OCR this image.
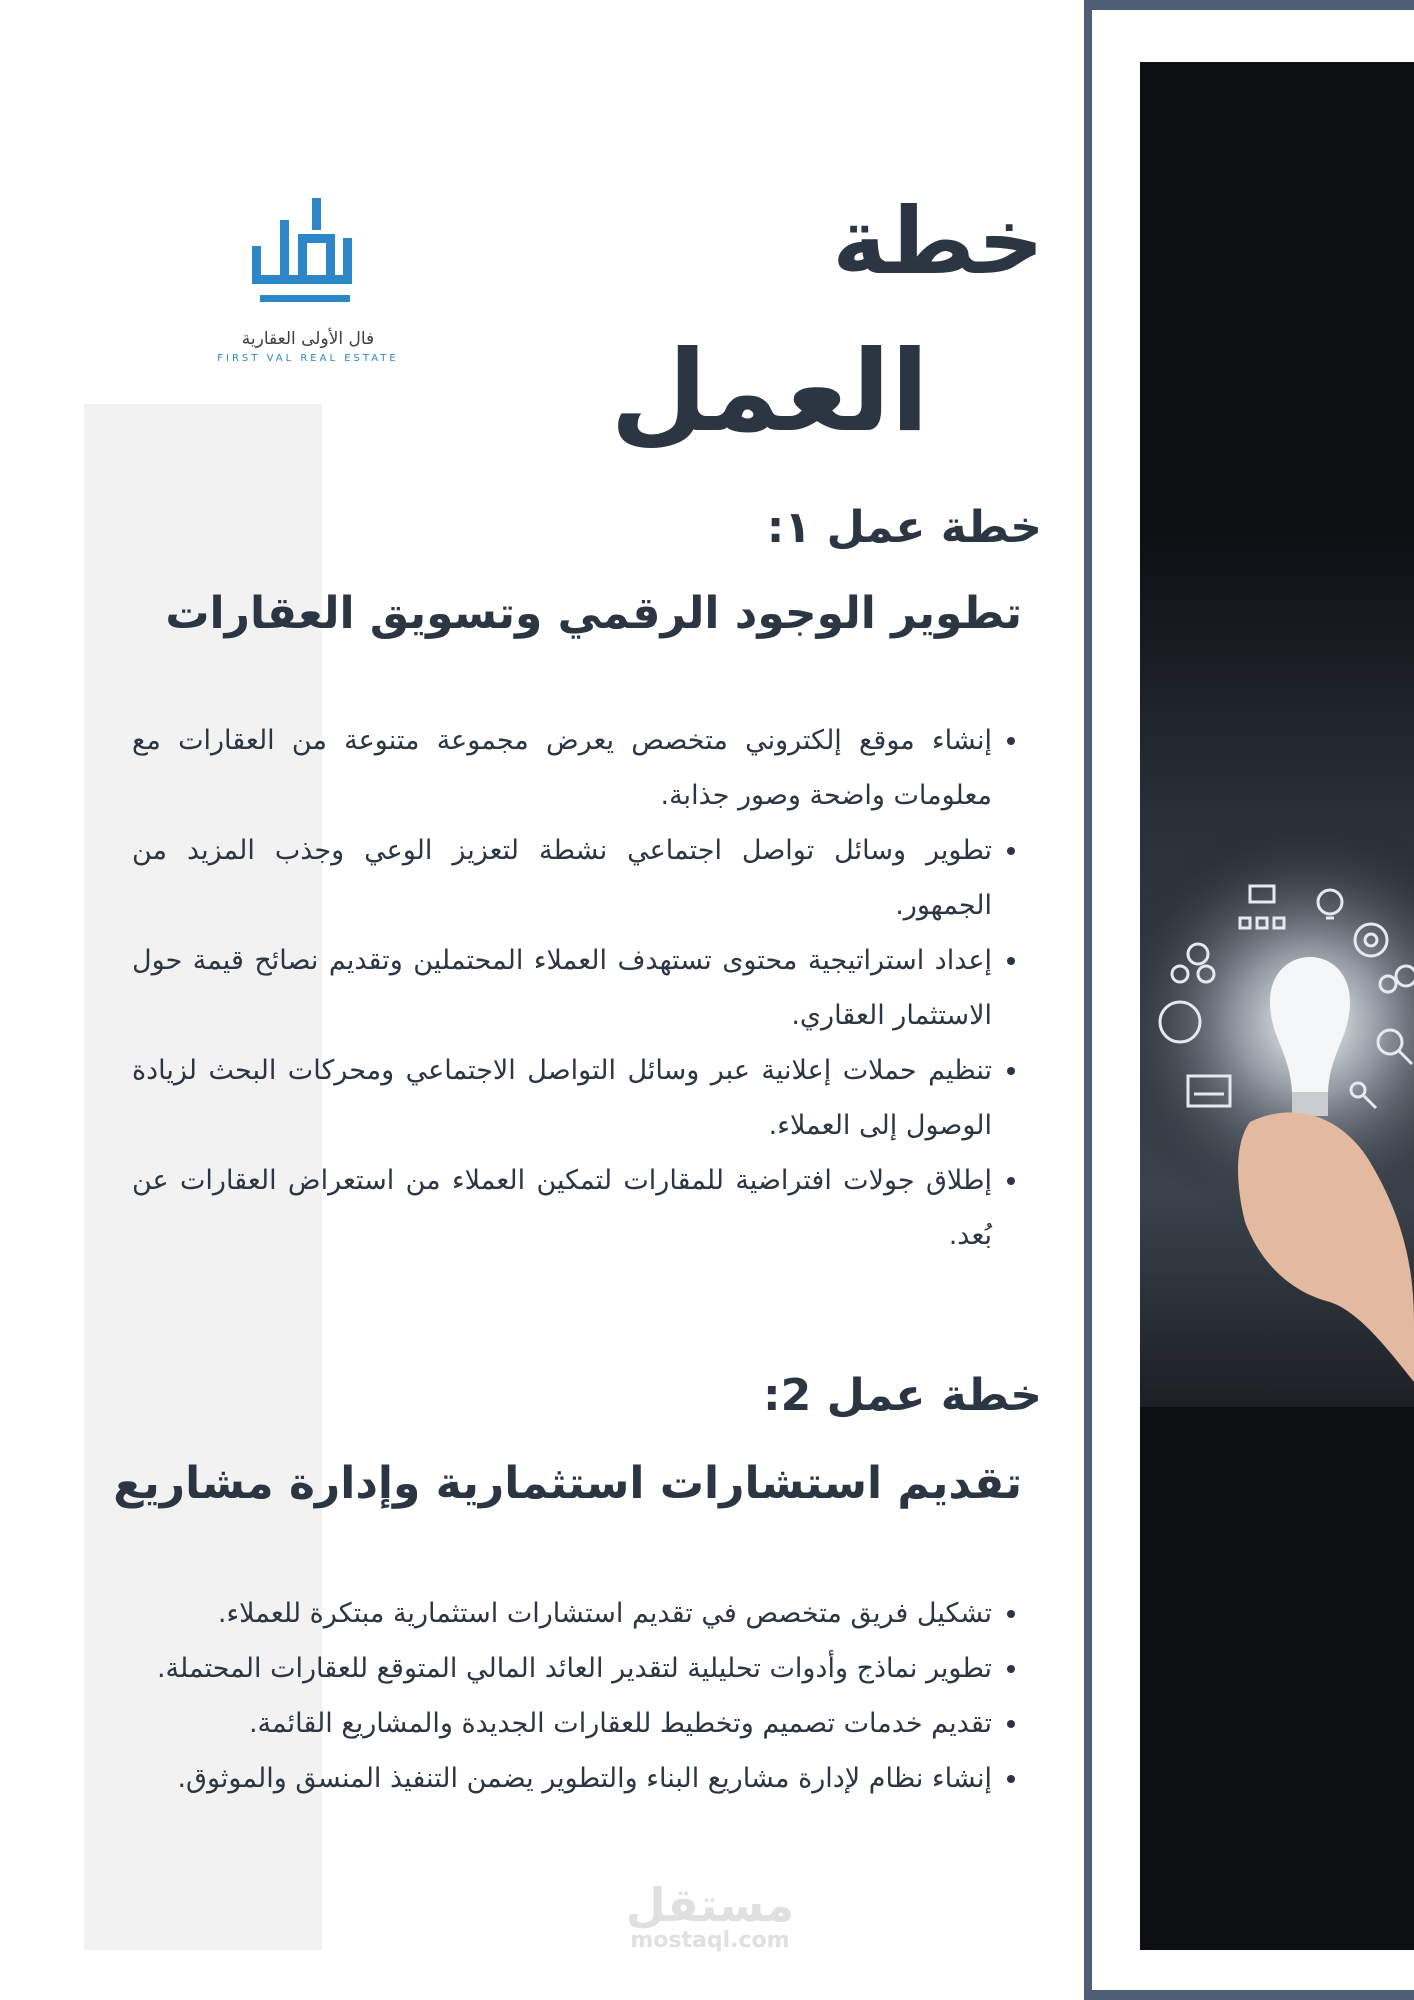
فال الأولى العقارية
FIRST VAL REAL ESTATE
خطة
العمل
خطة عمل ١:
تطوير الوجود الرقمي وتسويق العقارات
• إنشاء موقع إلكتروني متخصص يعرض مجموعة متنوعة من العقارات مع معلومات واضحة وصور جذابة.
• تطوير وسائل تواصل اجتماعي نشطة لتعزيز الوعي وجذب المزيد من الجمهور.
• إعداد استراتيجية محتوى تستهدف العملاء المحتملين وتقديم نصائح قيمة حول الاستثمار العقاري.
• تنظيم حملات إعلانية عبر وسائل التواصل الاجتماعي ومحركات البحث لزيادة الوصول إلى العملاء.
• إطلاق جولات افتراضية للمقارات لتمكين العملاء من استعراض العقارات عن بُعد.
خطة عمل 2:
تقديم استشارات استثمارية وإدارة مشاريع
• تشكيل فريق متخصص في تقديم استشارات استثمارية مبتكرة للعملاء.
• تطوير نماذج وأدوات تحليلية لتقدير العائد المالي المتوقع للعقارات المحتملة.
• تقديم خدمات تصميم وتخطيط للعقارات الجديدة والمشاريع القائمة.
• إنشاء نظام لإدارة مشاريع البناء والتطوير يضمن التنفيذ المنسق والموثوق.
مستقل
mostaql.com
